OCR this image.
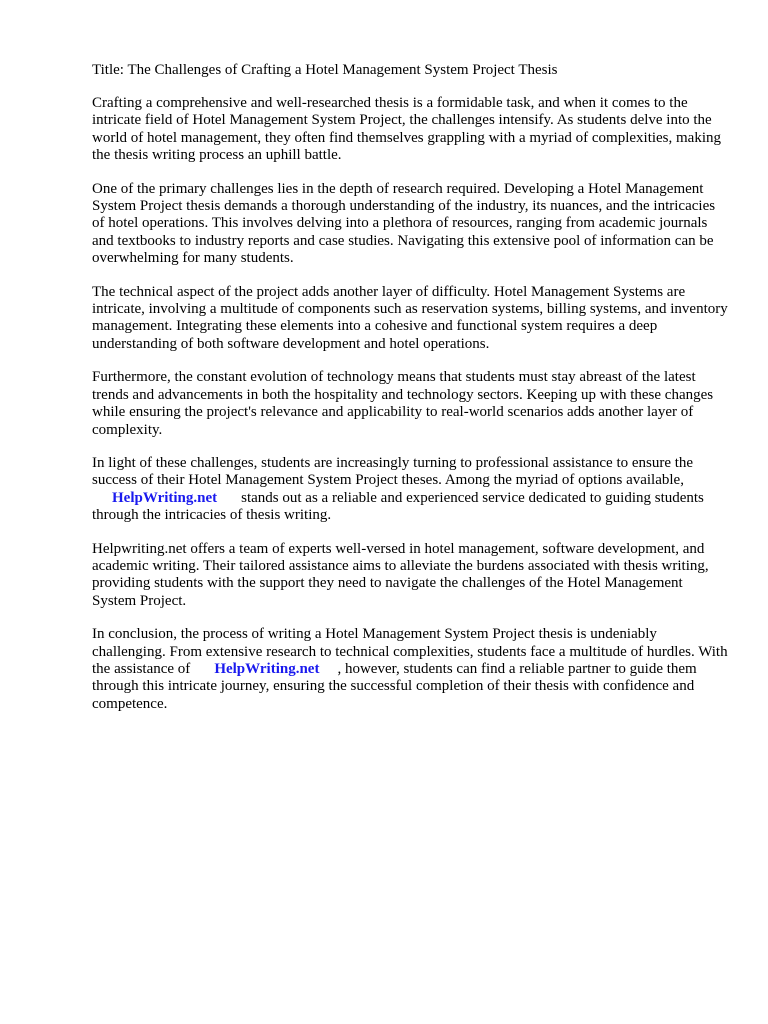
Title: The Challenges of Crafting a Hotel Management System Project Thesis

Crafting a comprehensive and well-researched thesis is a formidable task, and when it comes to the intricate field of Hotel Management System Project, the challenges intensify. As students delve into the world of hotel management, they often find themselves grappling with a myriad of complexities, making the thesis writing process an uphill battle.

One of the primary challenges lies in the depth of research required. Developing a Hotel Management System Project thesis demands a thorough understanding of the industry, its nuances, and the intricacies of hotel operations. This involves delving into a plethora of resources, ranging from academic journals and textbooks to industry reports and case studies. Navigating this extensive pool of information can be overwhelming for many students.

The technical aspect of the project adds another layer of difficulty. Hotel Management Systems are intricate, involving a multitude of components such as reservation systems, billing systems, and inventory management. Integrating these elements into a cohesive and functional system requires a deep understanding of both software development and hotel operations.

Furthermore, the constant evolution of technology means that students must stay abreast of the latest trends and advancements in both the hospitality and technology sectors. Keeping up with these changes while ensuring the project's relevance and applicability to real-world scenarios adds another layer of complexity.

In light of these challenges, students are increasingly turning to professional assistance to ensure the success of their Hotel Management System Project theses. Among the myriad of options available,
HelpWriting.net stands out as a reliable and experienced service dedicated to guiding students through the intricacies of thesis writing.

Helpwriting.net offers a team of experts well-versed in hotel management, software development, and academic writing. Their tailored assistance aims to alleviate the burdens associated with thesis writing, providing students with the support they need to navigate the challenges of the Hotel Management System Project.

In conclusion, the process of writing a Hotel Management System Project thesis is undeniably challenging. From extensive research to technical complexities, students face a multitude of hurdles. With the assistance of HelpWriting.net , however, students can find a reliable partner to guide them through this intricate journey, ensuring the successful completion of their thesis with confidence and competence.
